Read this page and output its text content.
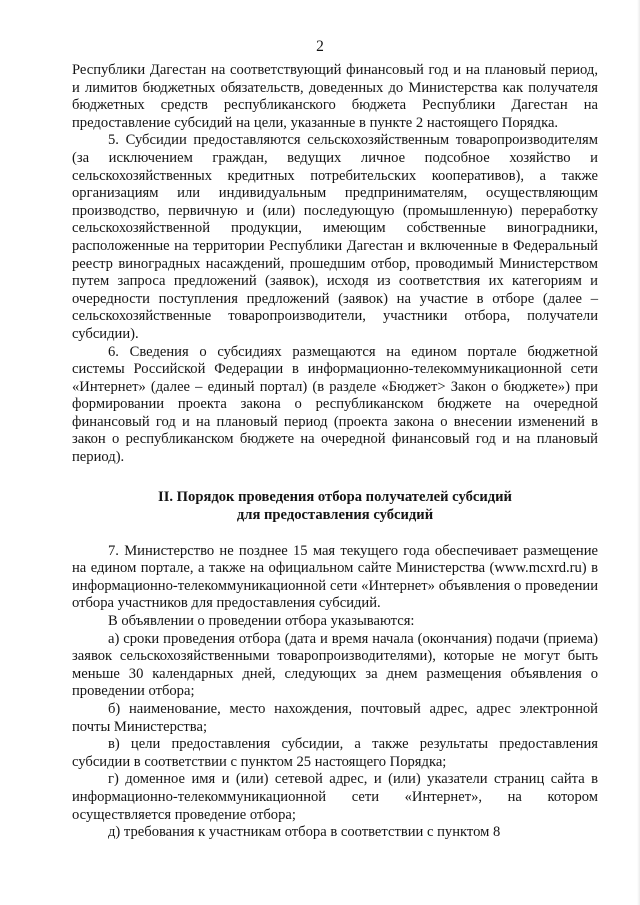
2

Республики Дагестан на соответствующий финансовый год и на плановый период, и лимитов бюджетных обязательств, доведенных до Министерства как получателя бюджетных средств республиканского бюджета Республики Дагестан на предоставление субсидий на цели, указанные в пункте 2 настоящего Порядка.

5. Субсидии предоставляются сельскохозяйственным товаропроизводителям (за исключением граждан, ведущих личное подсобное хозяйство и сельскохозяйственных кредитных потребительских кооперативов), а также организациям или индивидуальным предпринимателям, осуществляющим производство, первичную и (или) последующую (промышленную) переработку сельскохозяйственной продукции, имеющим собственные виноградники, расположенные на территории Республики Дагестан и включенные в Федеральный реестр виноградных насаждений, прошедшим отбор, проводимый Министерством путем запроса предложений (заявок), исходя из соответствия их категориям и очередности поступления предложений (заявок) на участие в отборе (далее – сельскохозяйственные товаропроизводители, участники отбора, получатели субсидии).

6. Сведения о субсидиях размещаются на едином портале бюджетной системы Российской Федерации в информационно-телекоммуникационной сети «Интернет» (далее – единый портал) (в разделе «Бюджет> Закон о бюджете») при формировании проекта закона о республиканском бюджете на очередной финансовый год и на плановый период (проекта закона о внесении изменений в закон о республиканском бюджете на очередной финансовый год и на плановый период).

II. Порядок проведения отбора получателей субсидий
для предоставления субсидий

7. Министерство не позднее 15 мая текущего года обеспечивает размещение на едином портале, а также на официальном сайте Министерства (www.mcxrd.ru) в информационно-телекоммуникационной сети «Интернет» объявления о проведении отбора участников для предоставления субсидий.

В объявлении о проведении отбора указываются:

а) сроки проведения отбора (дата и время начала (окончания) подачи (приема) заявок сельскохозяйственными товаропроизводителями), которые не могут быть меньше 30 календарных дней, следующих за днем размещения объявления о проведении отбора;

б) наименование, место нахождения, почтовый адрес, адрес электронной почты Министерства;

в) цели предоставления субсидии, а также результаты предоставления субсидии в соответствии с пунктом 25 настоящего Порядка;

г) доменное имя и (или) сетевой адрес, и (или) указатели страниц сайта в информационно-телекоммуникационной сети «Интернет», на котором осуществляется проведение отбора;

д) требования к участникам отбора в соответствии с пунктом 8
